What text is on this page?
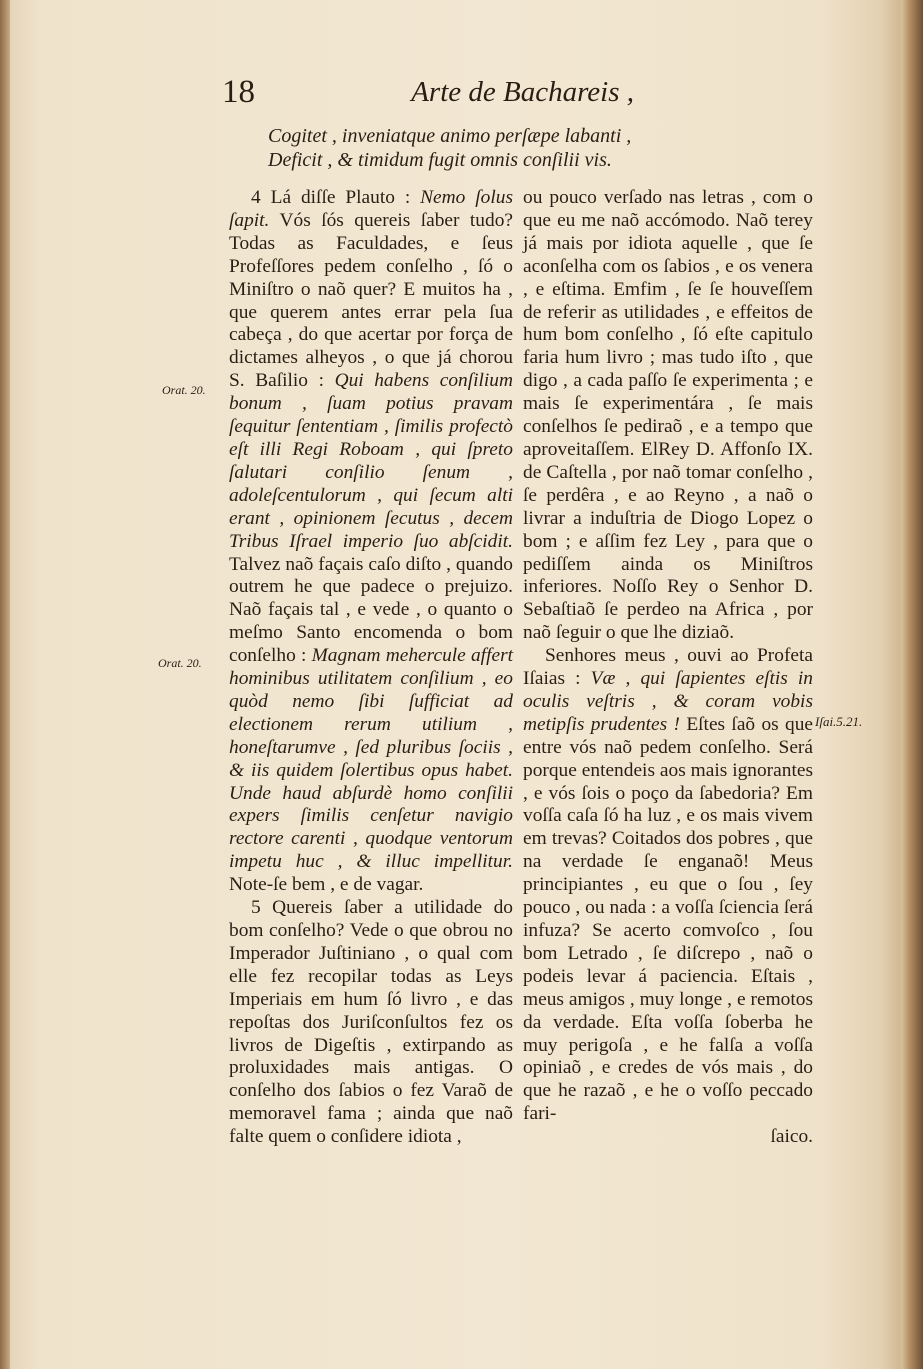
18	Arte de Bachareis ,
Cogitet , inveniatque animo perſæpe labanti ,
Deficit , & timidum fugit omnis conſilii vis.

4 Lá diſſe Plauto : Nemo ſolus ſapit. Vós ſós quereis ſaber tudo? Todas as Faculdades, e ſeus Profeſſores pedem conſelho , ſó o Miniſtro o naõ quer? E muitos ha , que querem antes errar pela ſua cabeça , do que acertar por força de dictames alheyos , o que já chorou S. Baſilio : Qui habens conſilium bonum , ſuam potius pravam ſequitur ſententiam , ſimilis profectò eſt illi Regi Roboam , qui ſpreto ſalutari conſilio ſenum , adoleſcentulorum , qui ſecum alti erant , opinionem ſecutus , decem Tribus Iſrael imperio ſuo abſcidit. Talvez naõ façais caſo diſto , quando outrem he que padece o prejuizo. Naõ façais tal , e vede , o quanto o meſmo Santo encomenda o bom conſelho : Magnam mehercule affert hominibus utilitatem conſilium , eo quòd nemo ſibi ſufficiat ad electionem rerum utilium , honeſtarumve , ſed pluribus ſociis , & iis quidem ſolertibus opus habet. Unde haud abſurdè homo conſilii expers ſimilis cenſetur navigio rectore carenti , quodque ventorum impetu huc , & illuc impellitur. Note-ſe bem , e de vagar.

5 Quereis ſaber a utilidade do bom conſelho? Vede o que obrou no Imperador Juſtiniano , o qual com elle fez recopilar todas as Leys Imperiais em hum ſó livro , e das repoſtas dos Juriſconſultos fez os livros de Digeſtis , extirpando as proluxidades mais antigas. O conſelho dos ſabios o fez Varaõ de memoravel fama ; ainda que naõ falte quem o conſidere idiota ,

ou pouco verſado nas letras , com o que eu me naõ accómodo. Naõ terey já mais por idiota aquelle , que ſe aconſelha com os ſabios , e os venera , e eſtima. Emfim , ſe ſe houveſſem de referir as utilidades , e effeitos de hum bom conſelho , ſó eſte capitulo faria hum livro ; mas tudo iſto , que digo , a cada paſſo ſe experimenta ; e mais ſe experimentára , ſe mais conſelhos ſe pediraõ , e a tempo que aproveitaſſem. ElRey D. Affonſo IX. de Caſtella , por naõ tomar conſelho , ſe perdêra , e ao Reyno , a naõ o livrar a induſtria de Diogo Lopez o bom ; e aſſim fez Ley , para que o pediſſem ainda os Miniſtros inferiores. Noſſo Rey o Senhor D. Sebaſtiaõ ſe perdeo na Africa , por naõ ſeguir o que lhe diziaõ.

Senhores meus , ouvi ao Profeta Iſaias : Væ , qui ſapientes eſtis in oculis veſtris , & coram vobis metipſis prudentes ! Eſtes ſaõ os que entre vós naõ pedem conſelho. Será porque entendeis aos mais ignorantes , e vós ſois o poço da ſabedoria? Em voſſa caſa ſó ha luz , e os mais vivem em trevas? Coitados dos pobres , que na verdade ſe enganaõ! Meus principiantes , eu que o ſou , ſey pouco , ou nada : a voſſa ſciencia ſerá infuza? Se acerto comvoſco , ſou bom Letrado , ſe diſcrepo , naõ o podeis levar á paciencia. Eſtais , meus amigos , muy longe , e remotos da verdade. Eſta voſſa ſoberba he muy perigoſa , e he falſa a voſſa opiniaõ , e credes de vós mais , do que he razaõ , e he o voſſo peccado fari-

ſaico.

Orat. 20.
Orat. 20.
Iſai.5.21.
